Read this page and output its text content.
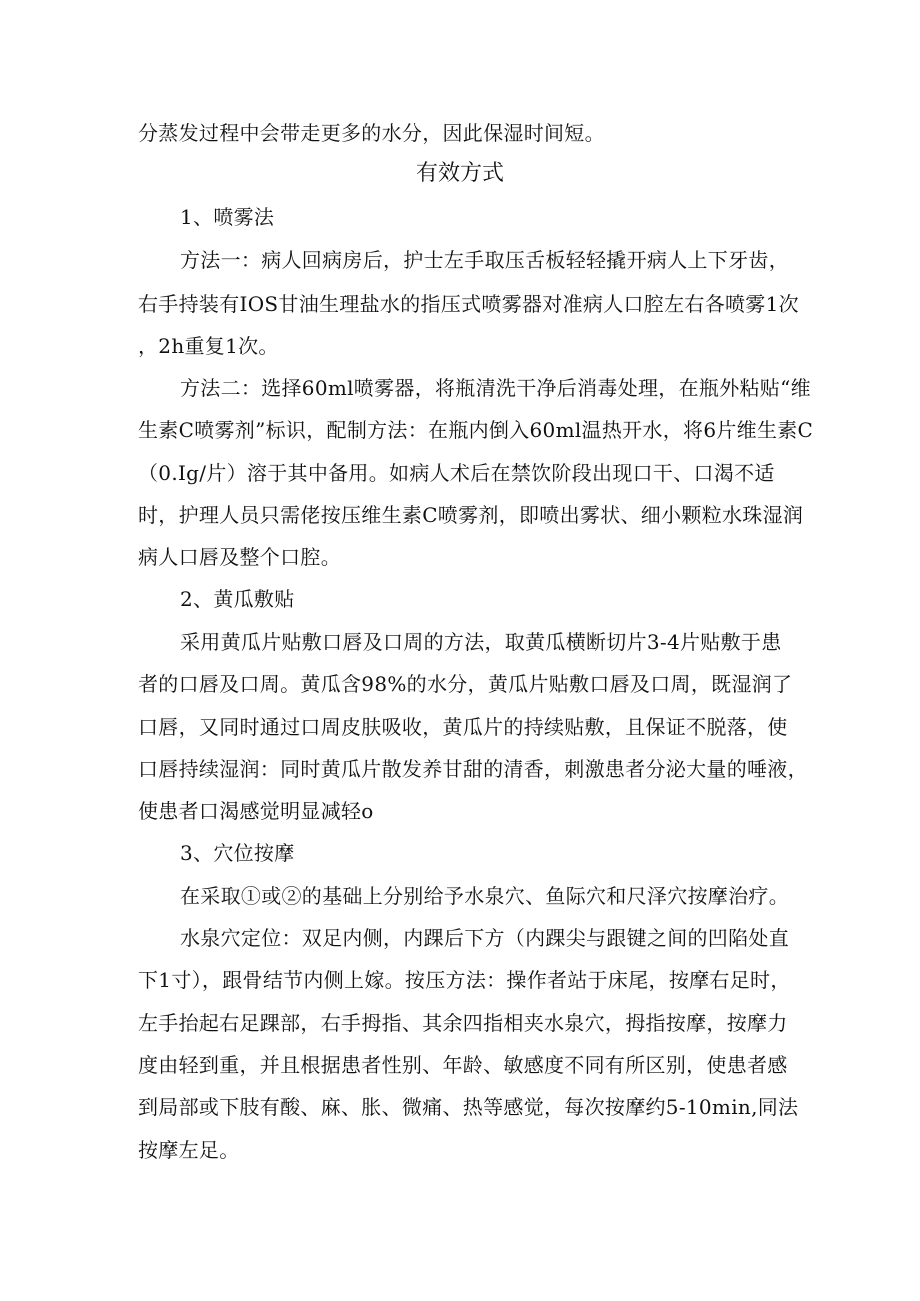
分蒸发过程中会带走更多的水分，因此保湿时间短。

有效方式

1、喷雾法

方法一：病人回病房后，护士左手取压舌板轻轻撬开病人上下牙齿，

右手持装有IOS甘油生理盐水的指压式喷雾器对准病人口腔左右各喷雾1次

，2h重复1次。

方法二：选择60ml喷雾器，将瓶清洗干净后消毒处理，在瓶外粘贴“维

生素C喷雾剂”标识，配制方法：在瓶内倒入60ml温热开水，将6片维生素C

（0.Ig/片）溶于其中备用。如病人术后在禁饮阶段出现口干、口渴不适

时，护理人员只需佬按压维生素C喷雾剂，即喷出雾状、细小颗粒水珠湿润

病人口唇及整个口腔。

2、黄瓜敷贴

采用黄瓜片贴敷口唇及口周的方法，取黄瓜横断切片3-4片贴敷于患

者的口唇及口周。黄瓜含98%的水分，黄瓜片贴敷口唇及口周，既湿润了

口唇，又同时通过口周皮肤吸收，黄瓜片的持续贴敷，且保证不脱落，使

口唇持续湿润：同时黄瓜片散发养甘甜的清香，刺激患者分泌大量的唾液，

使患者口渴感觉明显减轻o

3、穴位按摩

在采取①或②的基础上分别给予水泉穴、鱼际穴和尺泽穴按摩治疗。

水泉穴定位：双足内侧，内踝后下方（内踝尖与跟键之间的凹陷处直

下1寸），跟骨结节内侧上嫁。按压方法：操作者站于床尾，按摩右足时，

左手抬起右足踝部，右手拇指、其余四指相夹水泉穴，拇指按摩，按摩力

度由轻到重，并且根据患者性别、年龄、敏感度不同有所区别，使患者感

到局部或下肢有酸、麻、胀、微痛、热等感觉，每次按摩约5-10min,同法

按摩左足。
